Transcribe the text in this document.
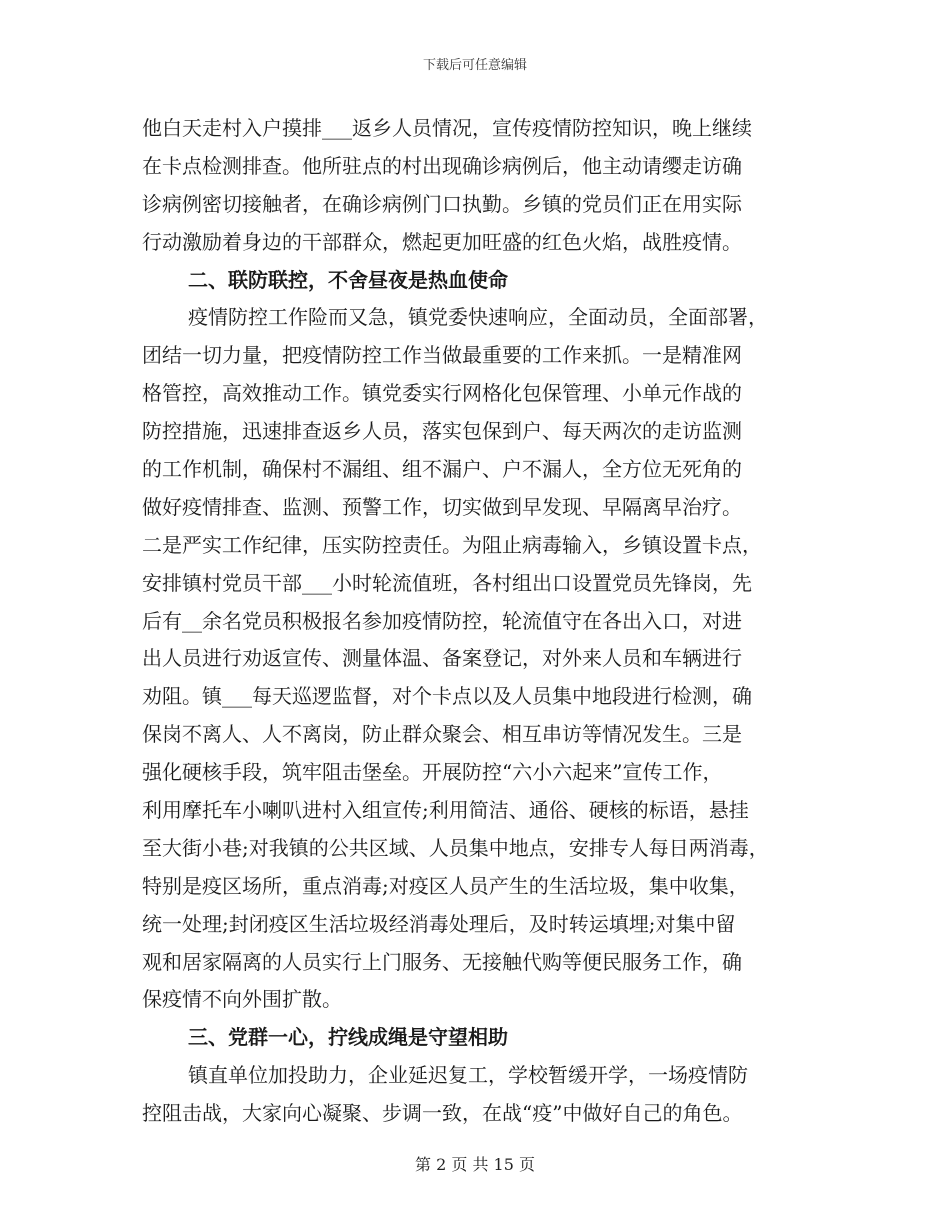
下载后可任意编辑
他白天走村入户摸排___返乡人员情况，宣传疫情防控知识，晚上继续
在卡点检测排查。他所驻点的村出现确诊病例后，他主动请缨走访确
诊病例密切接触者，在确诊病例门口执勤。乡镇的党员们正在用实际
行动激励着身边的干部群众，燃起更加旺盛的红色火焰，战胜疫情。
二、联防联控，不舍昼夜是热血使命
疫情防控工作险而又急，镇党委快速响应，全面动员，全面部署，
团结一切力量，把疫情防控工作当做最重要的工作来抓。一是精准网
格管控，高效推动工作。镇党委实行网格化包保管理、小单元作战的
防控措施，迅速排查返乡人员，落实包保到户、每天两次的走访监测
的工作机制，确保村不漏组、组不漏户、户不漏人，全方位无死角的
做好疫情排查、监测、预警工作，切实做到早发现、早隔离早治疗。
二是严实工作纪律，压实防控责任。为阻止病毒输入，乡镇设置卡点，
安排镇村党员干部___小时轮流值班，各村组出口设置党员先锋岗，先
后有__余名党员积极报名参加疫情防控，轮流值守在各出入口，对进
出人员进行劝返宣传、测量体温、备案登记，对外来人员和车辆进行
劝阻。镇___每天巡逻监督，对个卡点以及人员集中地段进行检测，确
保岗不离人、人不离岗，防止群众聚会、相互串访等情况发生。三是
强化硬核手段，筑牢阻击堡垒。开展防控“六小六起来”宣传工作，
利用摩托车小喇叭进村入组宣传;利用简洁、通俗、硬核的标语，悬挂
至大街小巷;对我镇的公共区域、人员集中地点，安排专人每日两消毒，
特别是疫区场所，重点消毒;对疫区人员产生的生活垃圾，集中收集，
统一处理;封闭疫区生活垃圾经消毒处理后，及时转运填埋;对集中留
观和居家隔离的人员实行上门服务、无接触代购等便民服务工作，确
保疫情不向外围扩散。
三、党群一心，拧线成绳是守望相助
镇直单位加投助力，企业延迟复工，学校暂缓开学，一场疫情防
控阻击战，大家向心凝聚、步调一致，在战“疫”中做好自己的角色。
第 2 页 共 15 页
